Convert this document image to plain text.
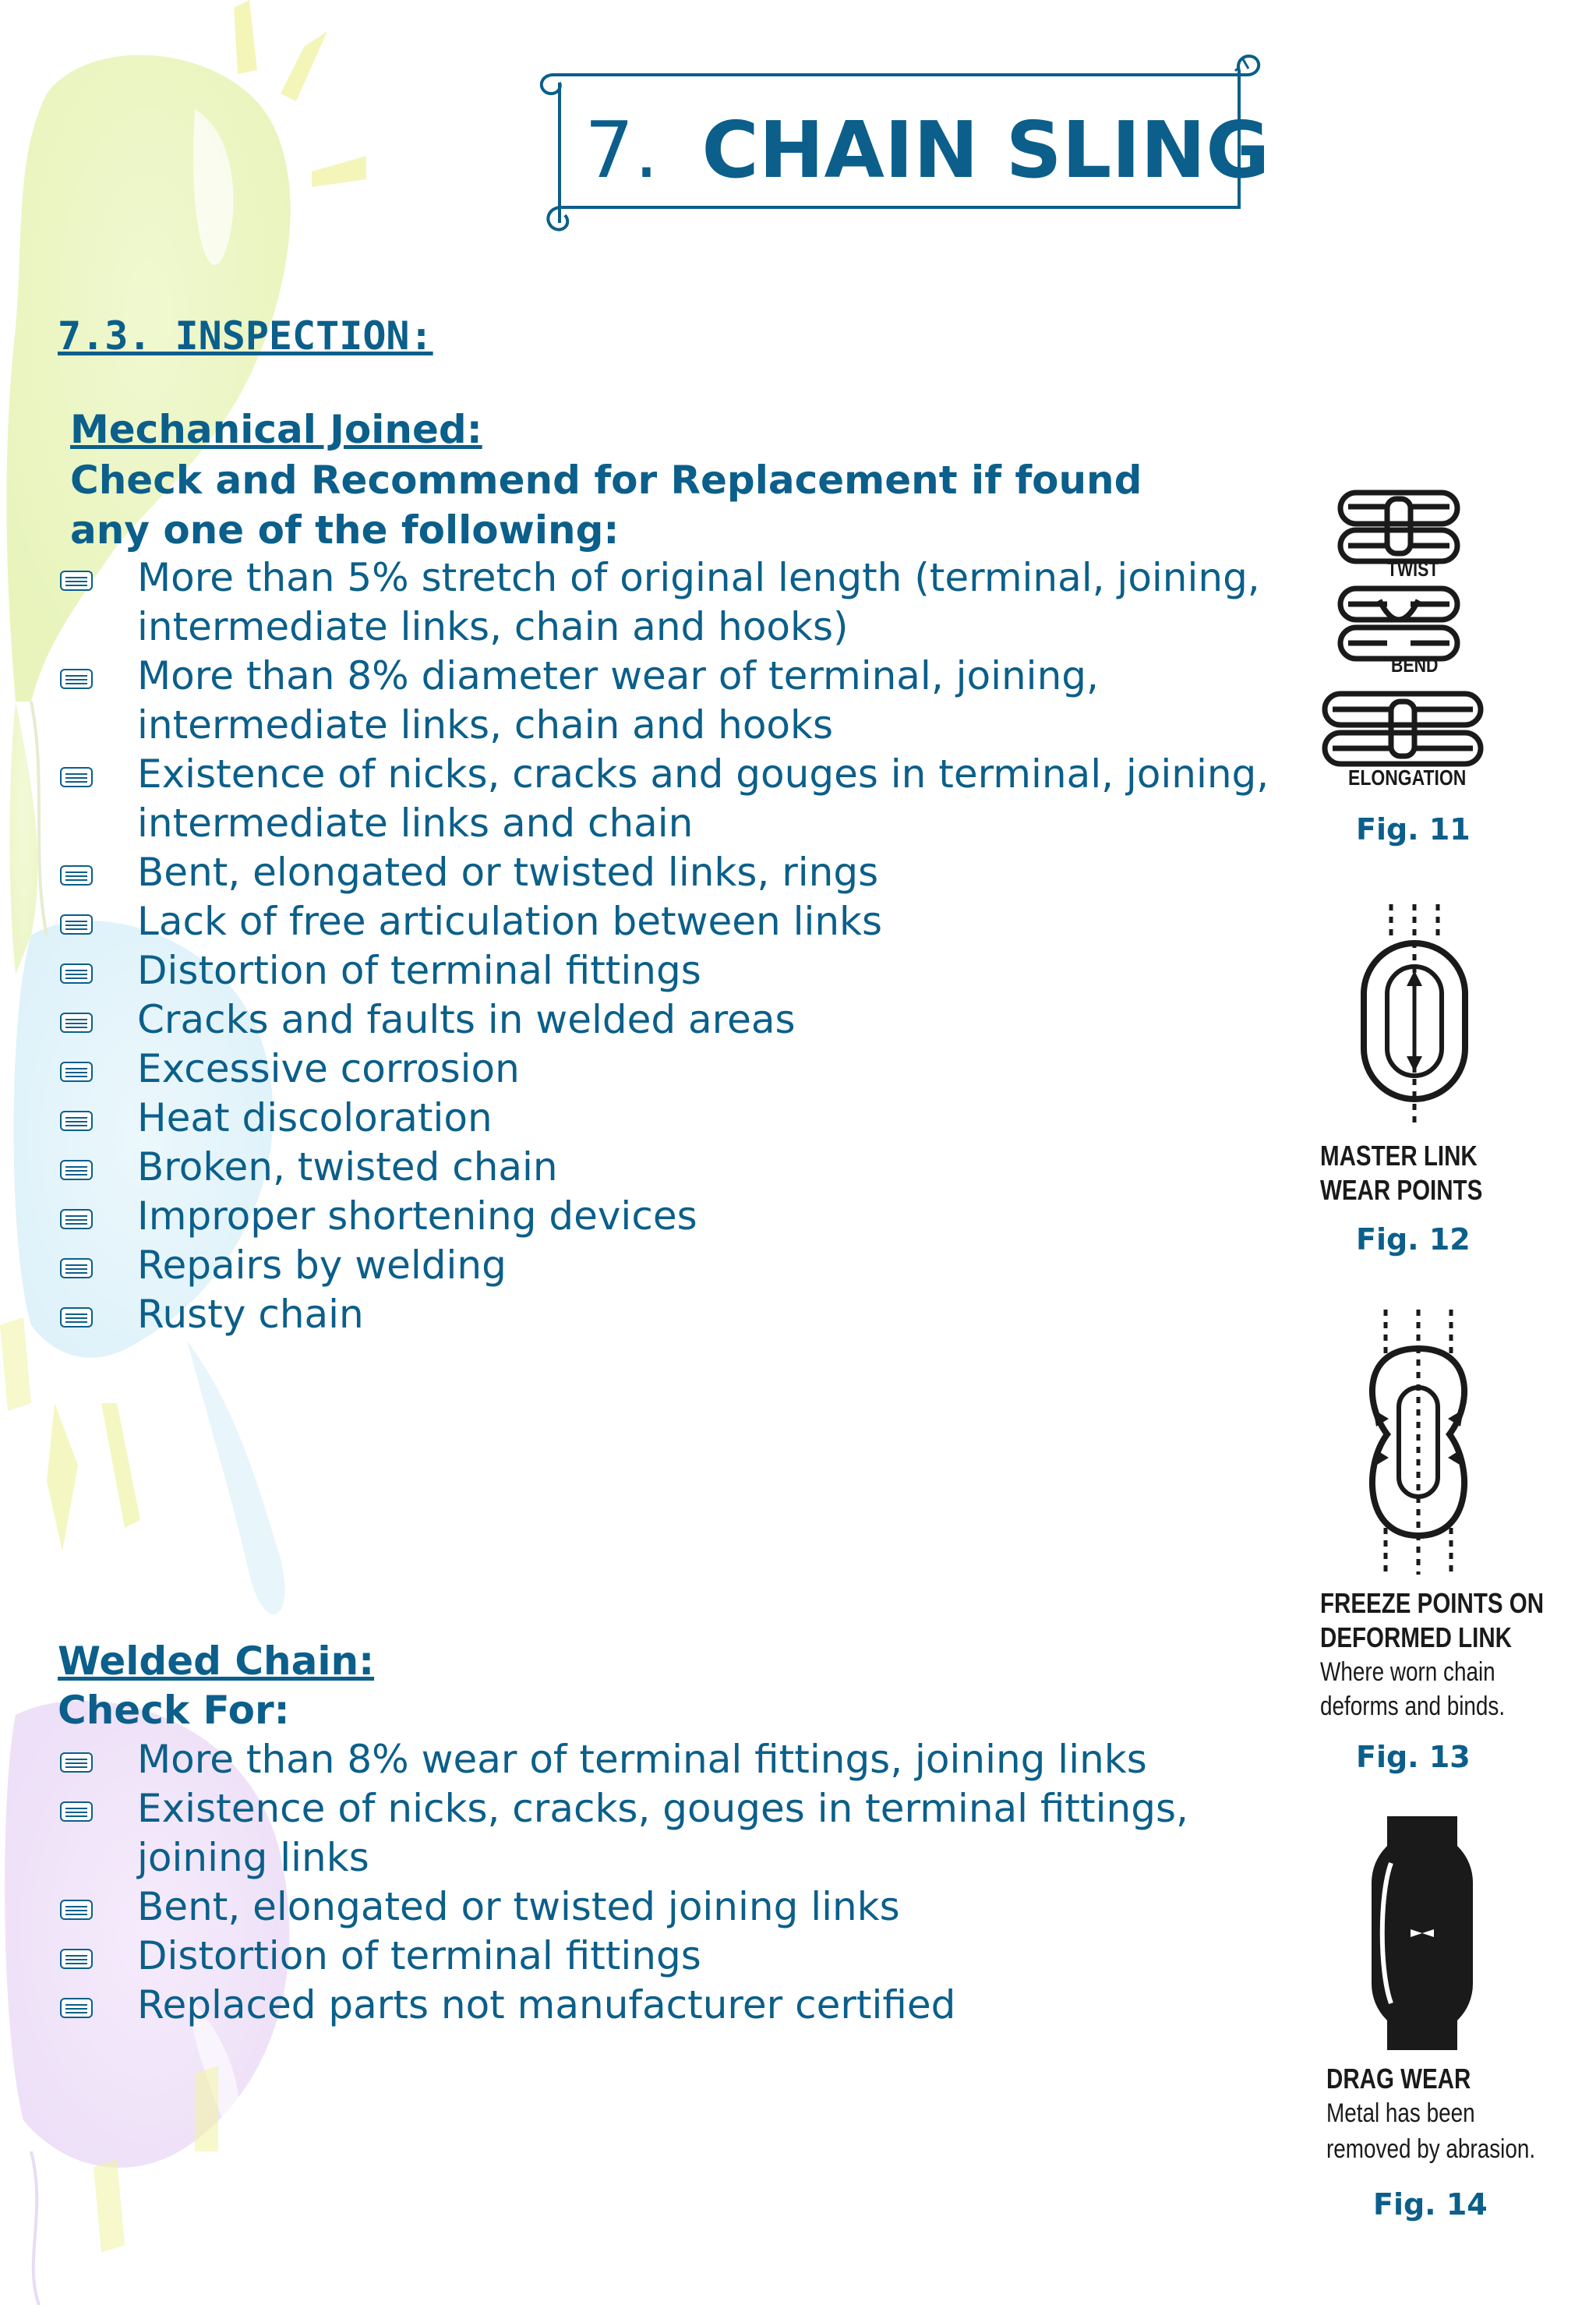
7. CHAIN SLING
7.3. INSPECTION:
Mechanical Joined:
Check and Recommend for Replacement if found
any one of the following:
More than 5% stretch of original length (terminal, joining,
intermediate links, chain and hooks)
More than 8% diameter wear of terminal, joining,
intermediate links, chain and hooks
Existence of nicks, cracks and gouges in terminal, joining,
intermediate links and chain
Bent, elongated or twisted links, rings
Lack of free articulation between links
Distortion of terminal fittings
Cracks and faults in welded areas
Excessive corrosion
Heat discoloration
Broken, twisted chain
Improper shortening devices
Repairs by welding
Rusty chain
Welded Chain:
Check For:
More than 8% wear of terminal fittings, joining links
Existence of nicks, cracks, gouges in terminal fittings,
joining links
Bent, elongated or twisted joining links
Distortion of terminal fittings
Replaced parts not manufacturer certified
TWIST
BEND
ELONGATION
Fig. 11
MASTER LINK
WEAR POINTS
Fig. 12
FREEZE POINTS ON
DEFORMED LINK
Where worn chain
deforms and binds.
Fig. 13
DRAG WEAR
Metal has been
removed by abrasion.
Fig. 14
